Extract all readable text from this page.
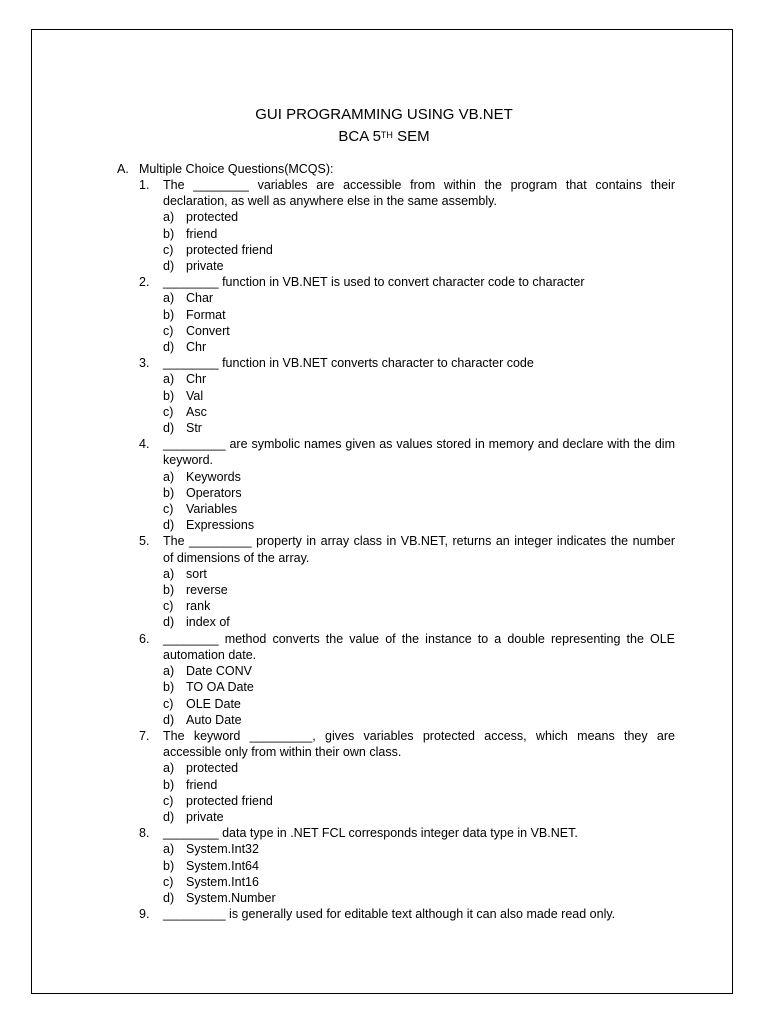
GUI PROGRAMMING USING VB.NET
BCA 5TH SEM
A. Multiple Choice Questions(MCQS):
1. The ________ variables are accessible from within the program that contains their declaration, as well as anywhere else in the same assembly.
a) protected
b) friend
c) protected friend
d) private
2. ________ function in VB.NET is used to convert character code to character
a) Char
b) Format
c) Convert
d) Chr
3. ________ function in VB.NET converts character to character code
a) Chr
b) Val
c) Asc
d) Str
4. _________ are symbolic names given as values stored in memory and declare with the dim keyword.
a) Keywords
b) Operators
c) Variables
d) Expressions
5. The _________ property in array class in VB.NET, returns an integer indicates the number of dimensions of the array.
a) sort
b) reverse
c) rank
d) index of
6. ________ method converts the value of the instance to a double representing the OLE automation date.
a) Date CONV
b) TO OA Date
c) OLE Date
d) Auto Date
7. The keyword _________, gives variables protected access, which means they are accessible only from within their own class.
a) protected
b) friend
c) protected friend
d) private
8. ________ data type in .NET FCL corresponds integer data type in VB.NET.
a) System.Int32
b) System.Int64
c) System.Int16
d) System.Number
9. _________ is generally used for editable text although it can also made read only.
